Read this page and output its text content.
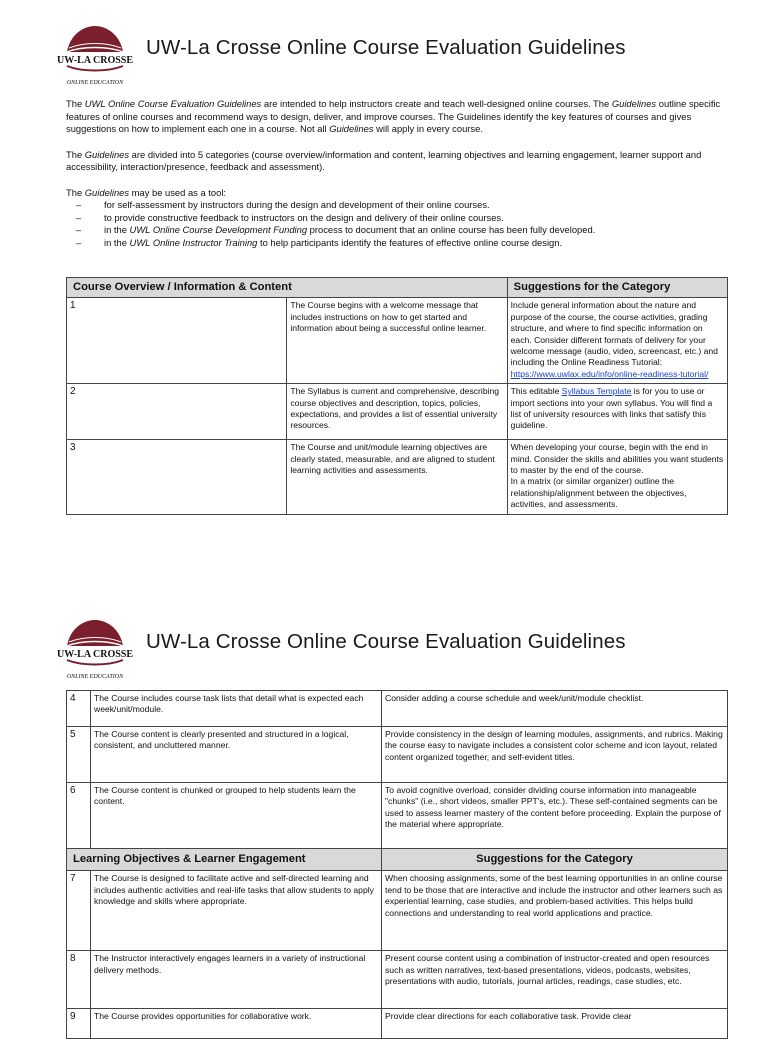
UW-LA CROSSE
ONLINE EDUCATION
UW-La Crosse Online Course Evaluation Guidelines

The UWL Online Course Evaluation Guidelines are intended to help instructors create and teach well-designed online courses. The Guidelines outline specific features of online courses and recommend ways to design, deliver, and improve courses. The Guidelines identify the key features of courses and gives suggestions on how to implement each one in a course. Not all Guidelines will apply in every course.

The Guidelines are divided into 5 categories (course overview/information and content, learning objectives and learning engagement, learner support and accessibility, interaction/presence, feedback and assessment).

The Guidelines may be used as a tool:

– for self-assessment by instructors during the design and development of their online courses.
– to provide constructive feedback to instructors on the design and delivery of their online courses.
– in the UWL Online Course Development Funding process to document that an online course has been fully developed.
– in the UWL Online Instructor Training to help participants identify the features of effective online course design.
Course Overview / Information & Content		Suggestions for the Category
1	The Course begins with a welcome message that includes instructions on how to get started and information about being a successful online learner.	Include general information about the nature and purpose of the course, the course activities, grading structure, and where to find specific information on each. Consider different formats of delivery for your welcome message (audio, video, screencast, etc.) and including the Online Readiness Tutorial:
https://www.uwlax.edu/info/online-readiness-tutorial/
2	The Syllabus is current and comprehensive, describing course objectives and description, topics, policies, expectations, and provides a list of essential university resources.	This editable Syllabus Template is for you to use or import sections into your own syllabus. You will find a list of university resources with links that satisfy this guideline.
3	The Course and unit/module learning objectives are clearly stated, measurable, and are aligned to student learning activities and assessments.	When developing your course, begin with the end in mind. Consider the skills and abilities you want students to master by the end of the course.
In a matrix (or similar organizer) outline the relationship/alignment between the objectives, activities, and assessments.
UW-LA CROSSE
ONLINE EDUCATION
UW-La Crosse Online Course Evaluation Guidelines
4	The Course includes course task lists that detail what is expected each week/unit/module.	Consider adding a course schedule and week/unit/module checklist.
5	The Course content is clearly presented and structured in a logical, consistent, and uncluttered manner.	Provide consistency in the design of learning modules, assignments, and rubrics. Making the course easy to navigate includes a consistent color scheme and icon layout, related content organized together, and self-evident titles.
6	The Course content is chunked or grouped to help students learn the content.	To avoid cognitive overload, consider dividing course information into manageable "chunks" (i.e., short videos, smaller PPT's, etc.). These self-contained segments can be used to assess learner mastery of the content before proceeding. Explain the purpose of the material where appropriate.
Learning Objectives & Learner Engagement		Suggestions for the Category
7	The Course is designed to facilitate active and self-directed learning and includes authentic activities and real-life tasks that allow students to apply knowledge and skills where appropriate.	When choosing assignments, some of the best learning opportunities in an online course tend to be those that are interactive and include the instructor and other learners such as experiential learning, case studies, and problem-based activities. This helps build connections and understanding to real world applications and practice.
8	The Instructor interactively engages learners in a variety of instructional delivery methods.	Present course content using a combination of instructor-created and open resources such as written narratives, text-based presentations, videos, podcasts, websites, presentations with audio, tutorials, journal articles, readings, case studies, etc.
9	The Course provides opportunities for collaborative work.	Provide clear directions for each collaborative task. Provide clear
